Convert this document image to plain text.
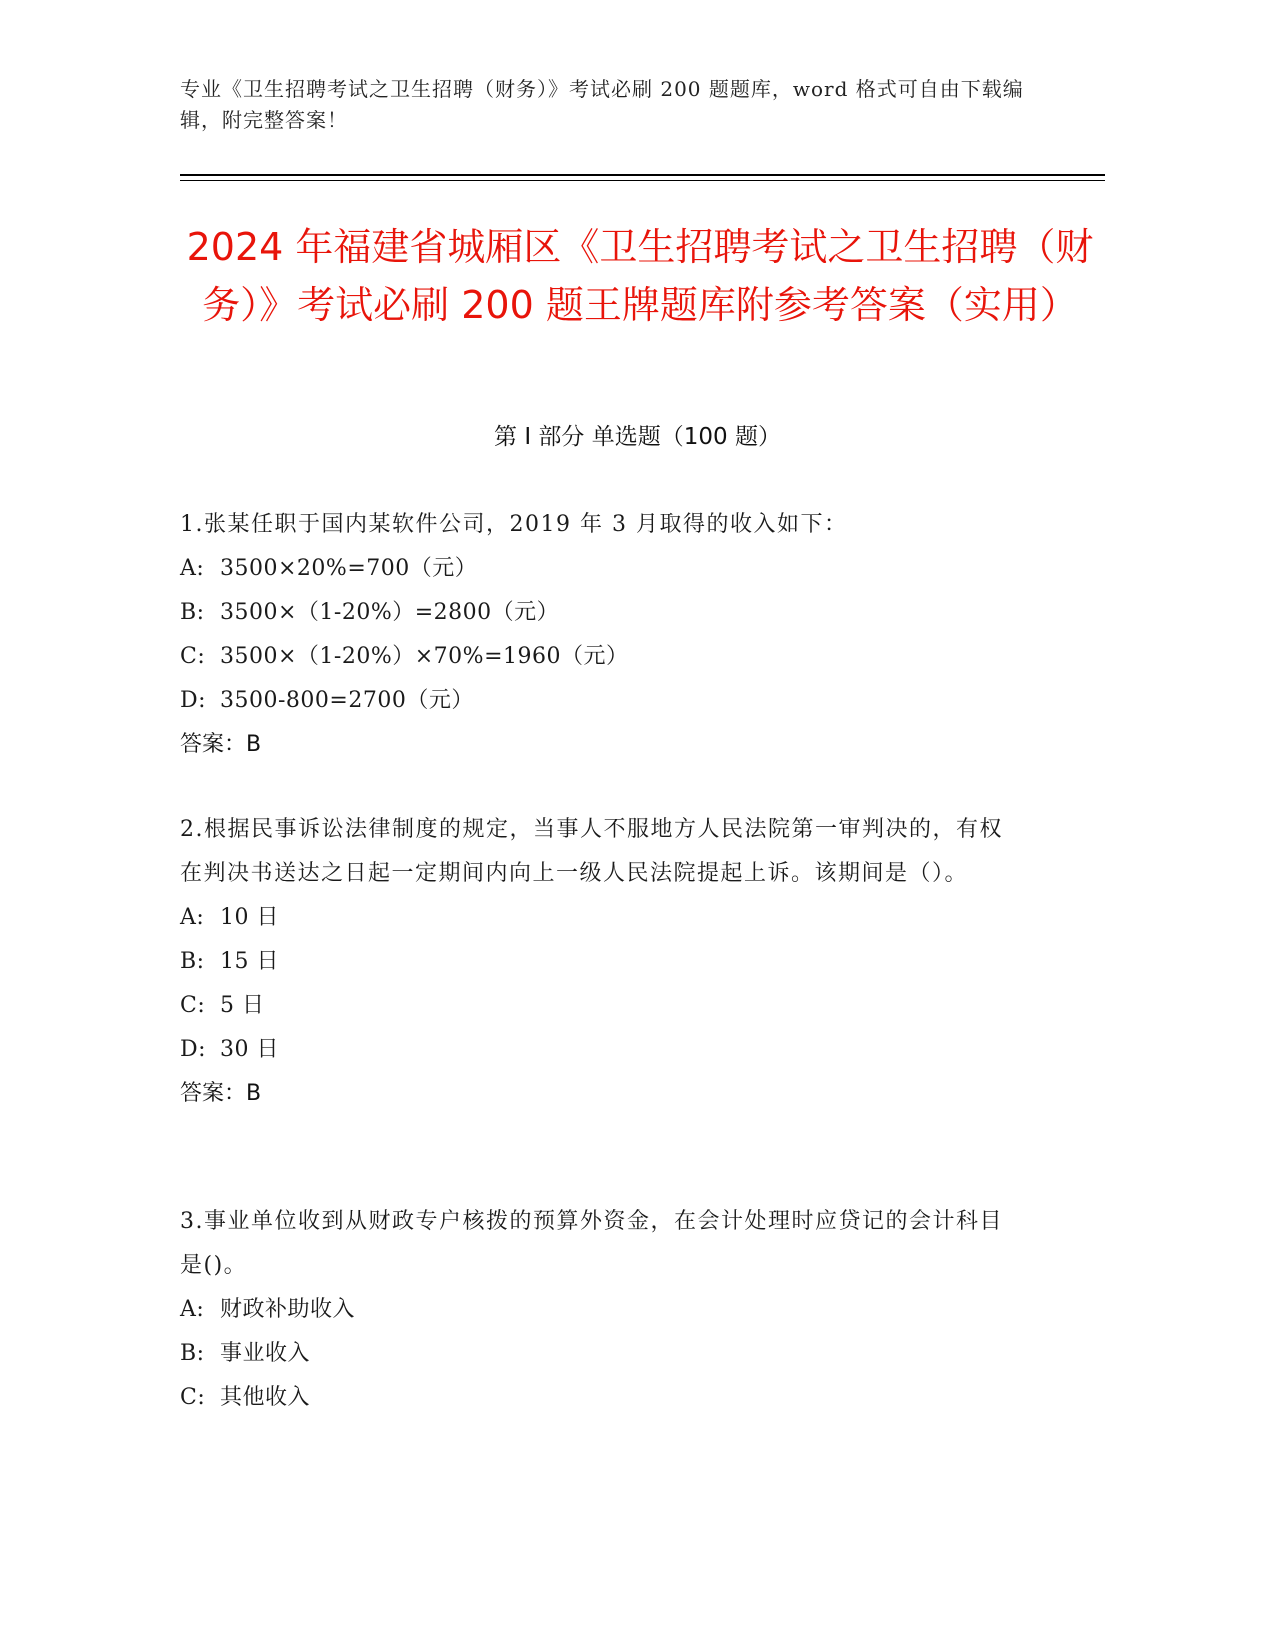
专业《卫生招聘考试之卫生招聘（财务）》考试必刷 200 题题库，word 格式可自由下载编辑，附完整答案！
2024 年福建省城厢区《卫生招聘考试之卫生招聘（财务）》考试必刷 200 题王牌题库附参考答案（实用）
第 I 部分 单选题（100 题）
1.张某任职于国内某软件公司，2019 年 3 月取得的收入如下：
A: 3500×20%=700（元）
B: 3500×（1-20%）=2800（元）
C: 3500×（1-20%）×70%=1960（元）
D: 3500-800=2700（元）
答案：B
2.根据民事诉讼法律制度的规定，当事人不服地方人民法院第一审判决的，有权在判决书送达之日起一定期间内向上一级人民法院提起上诉。该期间是（）。
A: 10 日
B: 15 日
C: 5 日
D: 30 日
答案：B
3.事业单位收到从财政专户核拨的预算外资金，在会计处理时应贷记的会计科目是()。
A: 财政补助收入
B: 事业收入
C: 其他收入
